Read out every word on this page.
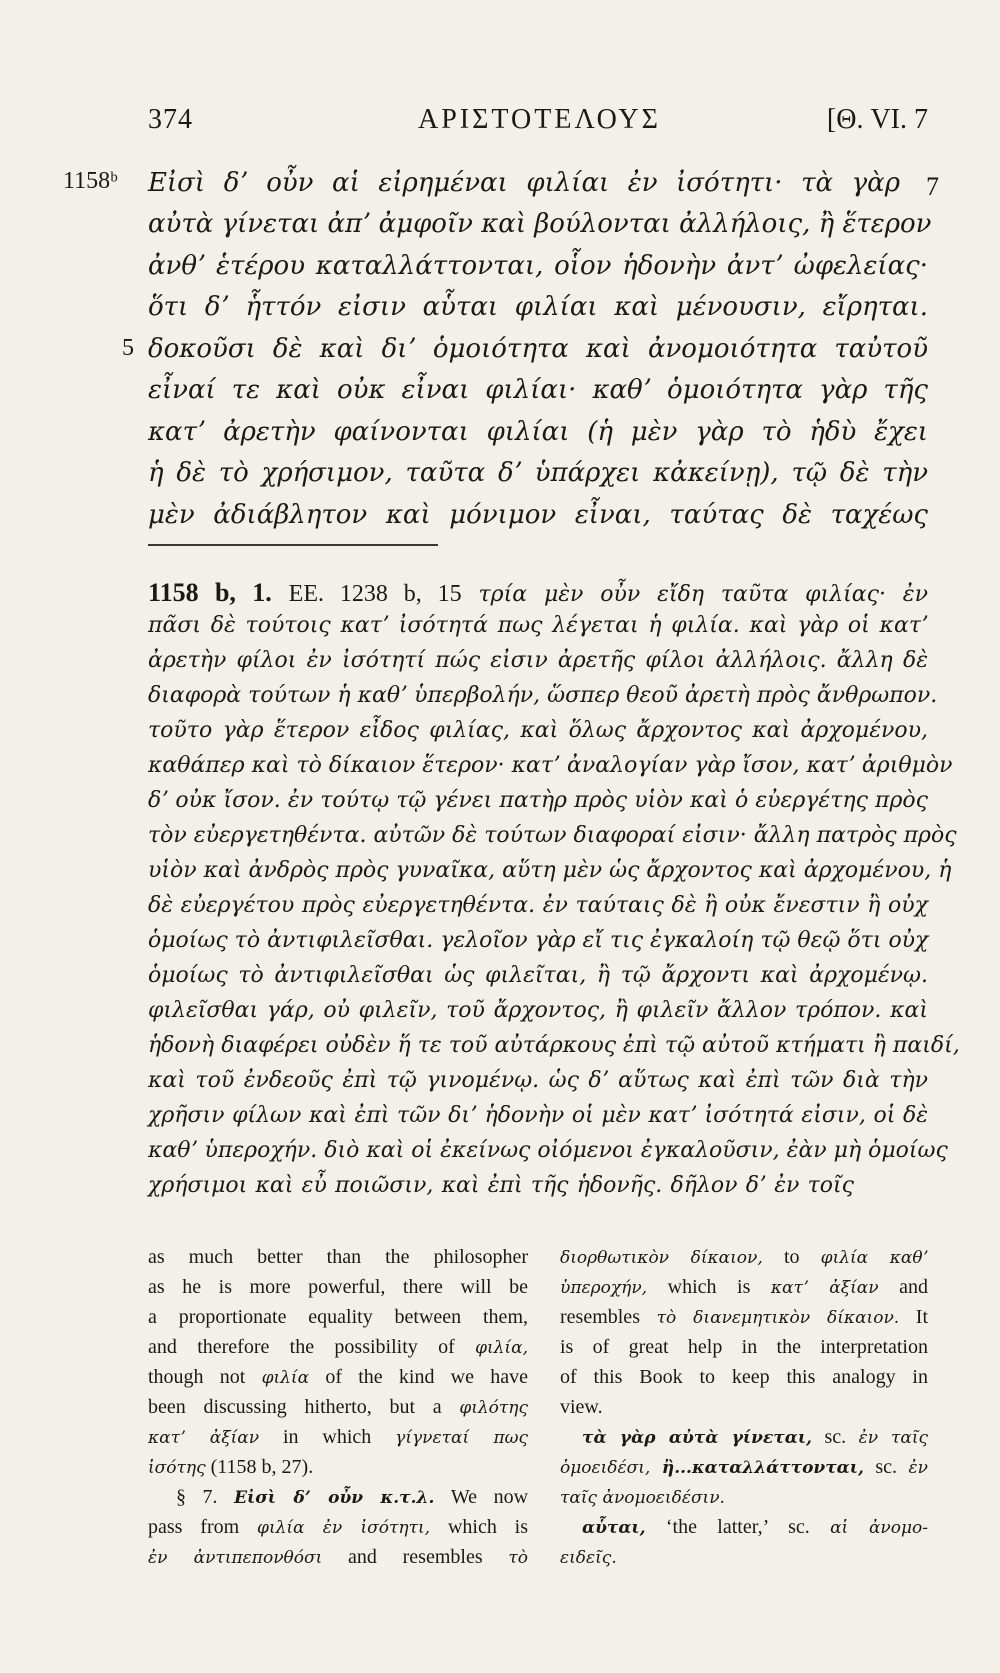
374	ΑΡΙΣΤΟΤΕΛΟΥΣ	[Θ. VI. 7
1158ᵇ
5
7
Εἰσὶ δʼ οὖν αἱ εἰρημέναι φιλίαι ἐν ἰσότητι· τὰ γὰρ
αὐτὰ γίνεται ἀπʼ ἀμφοῖν καὶ βούλονται ἀλλήλοις, ἢ ἕτερον
ἀνθʼ ἑτέρου καταλλάττονται, οἷον ἡδονὴν ἀντʼ ὠφελείας·
ὅτι δʼ ἧττόν εἰσιν αὗται φιλίαι καὶ μένουσιν, εἴρηται.
δοκοῦσι δὲ καὶ διʼ ὁμοιότητα καὶ ἀνομοιότητα ταὐτοῦ
εἶναί τε καὶ οὐκ εἶναι φιλίαι· καθʼ ὁμοιότητα γὰρ τῆς
κατʼ ἀρετὴν φαίνονται φιλίαι (ἡ μὲν γὰρ τὸ ἡδὺ ἔχει
ἡ δὲ τὸ χρήσιμον, ταῦτα δʼ ὑπάρχει κἀκείνῃ), τῷ δὲ τὴν
μὲν ἀδιάβλητον καὶ μόνιμον εἶναι, ταύτας δὲ ταχέως
1158 b, 1. EE. 1238 b, 15 τρία μὲν οὖν εἴδη ταῦτα φιλίας· ἐν
πᾶσι δὲ τούτοις κατʼ ἰσότητά πως λέγεται ἡ φιλία. καὶ γὰρ οἱ κατʼ
ἀρετὴν φίλοι ἐν ἰσότητί πώς εἰσιν ἀρετῆς φίλοι ἀλλήλοις. ἄλλη δὲ
διαφορὰ τούτων ἡ καθʼ ὑπερβολήν, ὥσπερ θεοῦ ἀρετὴ πρὸς ἄνθρωπον.
τοῦτο γὰρ ἕτερον εἶδος φιλίας, καὶ ὅλως ἄρχοντος καὶ ἀρχομένου,
καθάπερ καὶ τὸ δίκαιον ἕτερον· κατʼ ἀναλογίαν γὰρ ἴσον, κατʼ ἀριθμὸν
δʼ οὐκ ἴσον. ἐν τούτῳ τῷ γένει πατὴρ πρὸς υἱὸν καὶ ὁ εὐεργέτης πρὸς
τὸν εὐεργετηθέντα. αὐτῶν δὲ τούτων διαφοραί εἰσιν· ἄλλη πατρὸς πρὸς
υἱὸν καὶ ἀνδρὸς πρὸς γυναῖκα, αὕτη μὲν ὡς ἄρχοντος καὶ ἀρχομένου, ἡ
δὲ εὐεργέτου πρὸς εὐεργετηθέντα. ἐν ταύταις δὲ ἢ οὐκ ἔνεστιν ἢ οὐχ
ὁμοίως τὸ ἀντιφιλεῖσθαι. γελοῖον γὰρ εἴ τις ἐγκαλοίη τῷ θεῷ ὅτι οὐχ
ὁμοίως τὸ ἀντιφιλεῖσθαι ὡς φιλεῖται, ἢ τῷ ἄρχοντι καὶ ἀρχομένῳ.
φιλεῖσθαι γάρ, οὐ φιλεῖν, τοῦ ἄρχοντος, ἢ φιλεῖν ἄλλον τρόπον. καὶ
ἡδονὴ διαφέρει οὐδὲν ἥ τε τοῦ αὐτάρκους ἐπὶ τῷ αὐτοῦ κτήματι ἢ παιδί,
καὶ τοῦ ἐνδεοῦς ἐπὶ τῷ γινομένῳ. ὡς δʼ αὕτως καὶ ἐπὶ τῶν διὰ τὴν
χρῆσιν φίλων καὶ ἐπὶ τῶν διʼ ἡδονὴν οἱ μὲν κατʼ ἰσότητά εἰσιν, οἱ δὲ
καθʼ ὑπεροχήν. διὸ καὶ οἱ ἐκείνως οἰόμενοι ἐγκαλοῦσιν, ἐὰν μὴ ὁμοίως
χρήσιμοι καὶ εὖ ποιῶσιν, καὶ ἐπὶ τῆς ἡδονῆς. δῆλον δʼ ἐν τοῖς
as much better than the philosopher
as he is more powerful, there will be
a proportionate equality between them,
and therefore the possibility of φιλία,
though not φιλία of the kind we have
been discussing hitherto, but a φιλότης
κατʼ ἀξίαν in which γίγνεταί πως
ἰσότης (1158 b, 27).
§ 7. Εἰσὶ δʼ οὖν κ.τ.λ. We now
pass from φιλία ἐν ἰσότητι, which is
ἐν ἀντιπεπονθόσι and resembles τὸ
διορθωτικὸν δίκαιον, to φιλία καθʼ
ὑπεροχήν, which is κατʼ ἀξίαν and
resembles τὸ διανεμητικὸν δίκαιον. It
is of great help in the interpretation
of this Book to keep this analogy in
view.
τὰ γὰρ αὐτὰ γίνεται, sc. ἐν ταῖς
ὁμοειδέσι, ἢ...καταλλάττονται, sc. ἐν
ταῖς ἀνομοειδέσιν.
αὗται, ‘the latter,’ sc. αἱ ἀνομο-
ειδεῖς.
